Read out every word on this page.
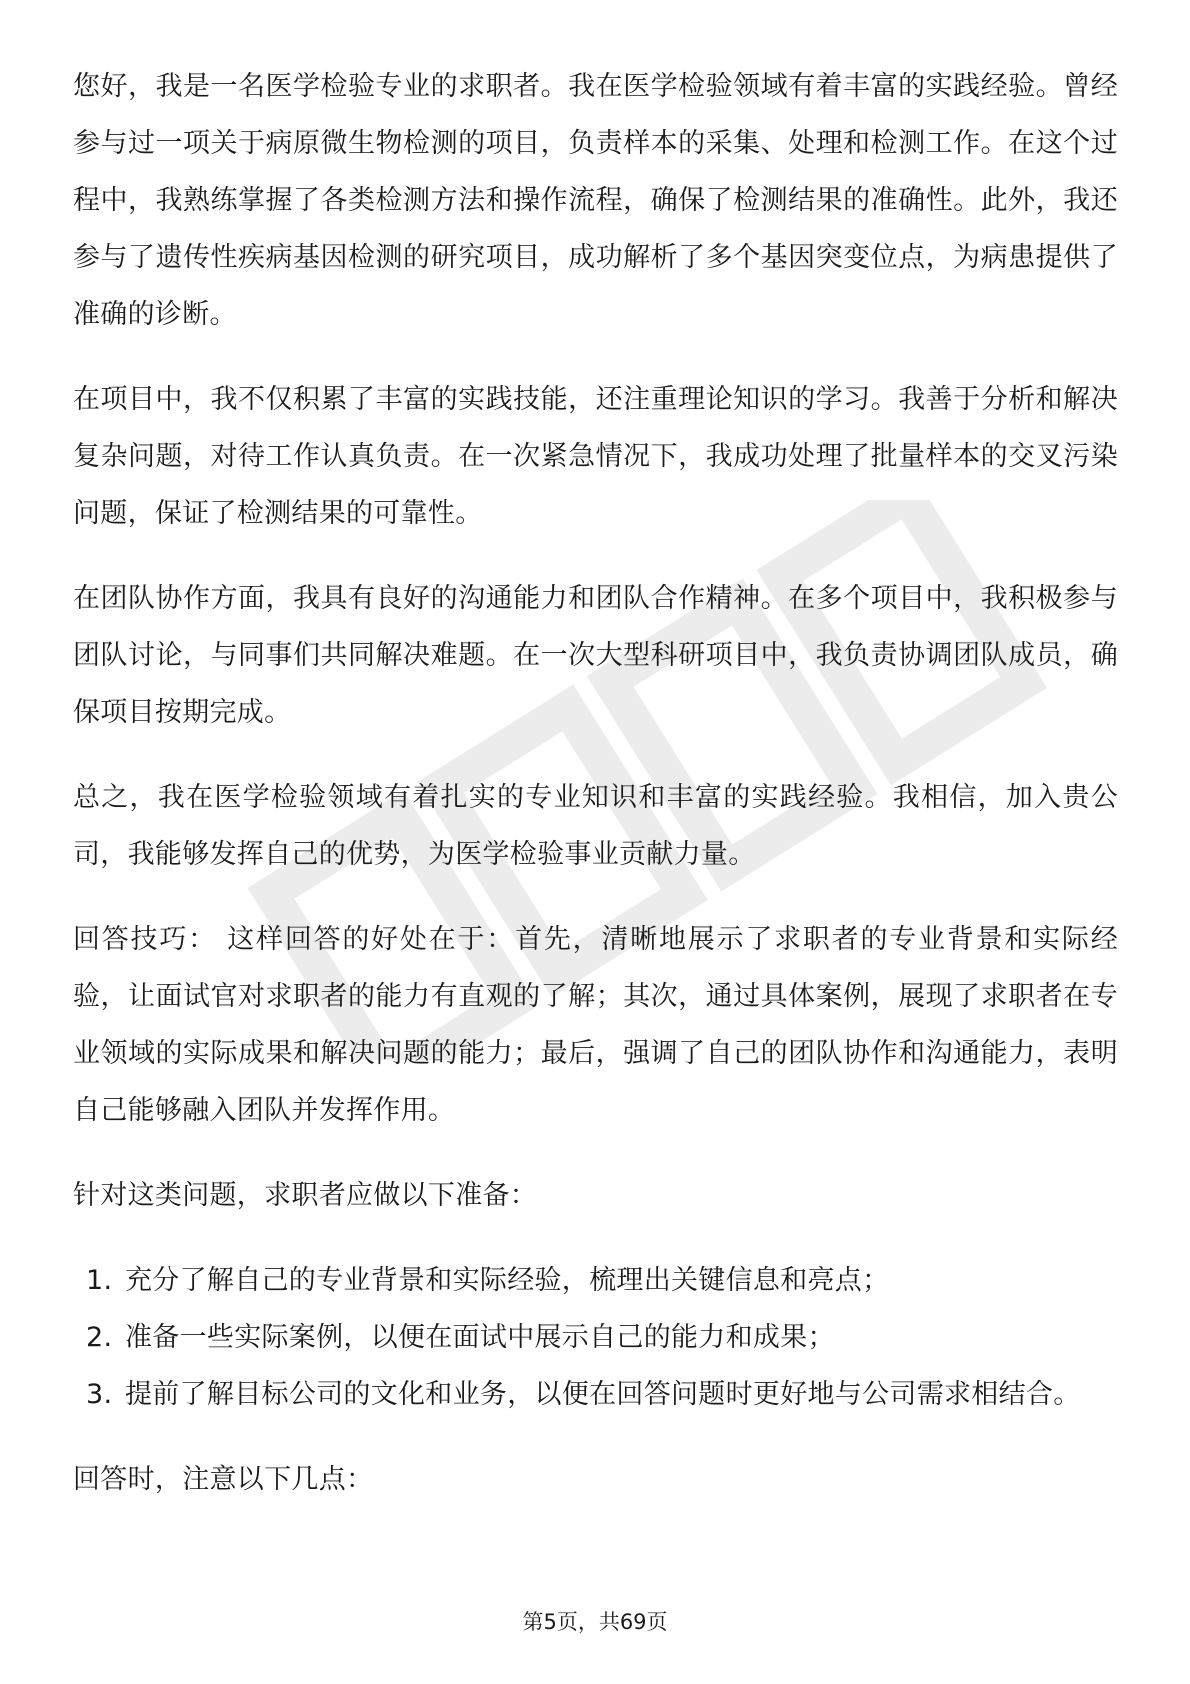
您好，我是一名医学检验专业的求职者。我在医学检验领域有着丰富的实践经验。曾经参与过一项关于病原微生物检测的项目，负责样本的采集、处理和检测工作。在这个过程中，我熟练掌握了各类检测方法和操作流程，确保了检测结果的准确性。此外，我还参与了遗传性疾病基因检测的研究项目，成功解析了多个基因突变位点，为病患提供了准确的诊断。

在项目中，我不仅积累了丰富的实践技能，还注重理论知识的学习。我善于分析和解决复杂问题，对待工作认真负责。在一次紧急情况下，我成功处理了批量样本的交叉污染问题，保证了检测结果的可靠性。

在团队协作方面，我具有良好的沟通能力和团队合作精神。在多个项目中，我积极参与团队讨论，与同事们共同解决难题。在一次大型科研项目中，我负责协调团队成员，确保项目按期完成。

总之，我在医学检验领域有着扎实的专业知识和丰富的实践经验。我相信，加入贵公司，我能够发挥自己的优势，为医学检验事业贡献力量。

回答技巧： 这样回答的好处在于：首先，清晰地展示了求职者的专业背景和实际经验，让面试官对求职者的能力有直观的了解；其次，通过具体案例，展现了求职者在专业领域的实际成果和解决问题的能力；最后，强调了自己的团队协作和沟通能力，表明自己能够融入团队并发挥作用。

针对这类问题，求职者应做以下准备：

1. 充分了解自己的专业背景和实际经验，梳理出关键信息和亮点；
2. 准备一些实际案例，以便在面试中展示自己的能力和成果；
3. 提前了解目标公司的文化和业务，以便在回答问题时更好地与公司需求相结合。

回答时，注意以下几点：

第5页，共69页
